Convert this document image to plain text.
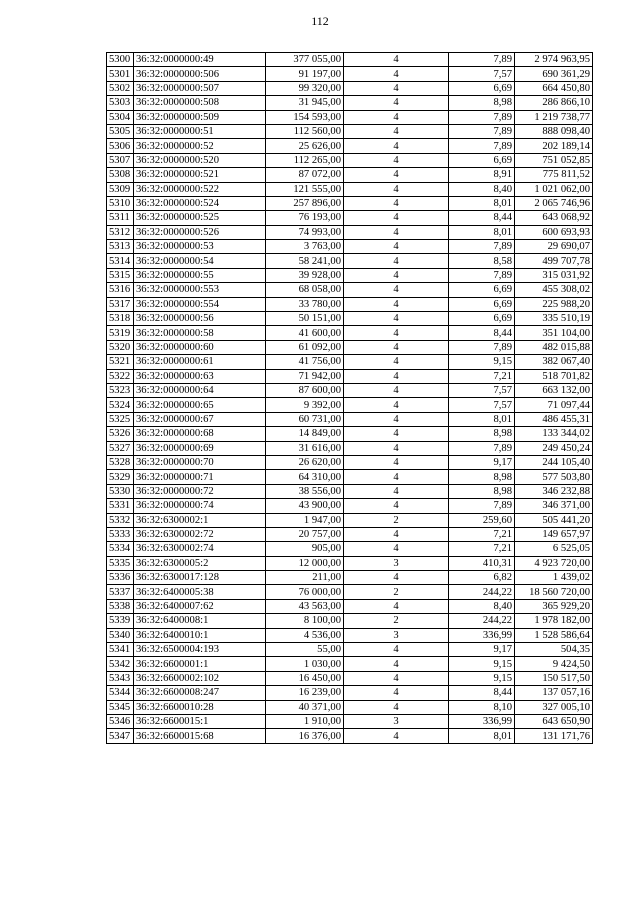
112
5300	36:32:0000000:49	377 055,00	4	7,89	2 974 963,95
5301	36:32:0000000:506	91 197,00	4	7,57	690 361,29
5302	36:32:0000000:507	99 320,00	4	6,69	664 450,80
5303	36:32:0000000:508	31 945,00	4	8,98	286 866,10
5304	36:32:0000000:509	154 593,00	4	7,89	1 219 738,77
5305	36:32:0000000:51	112 560,00	4	7,89	888 098,40
5306	36:32:0000000:52	25 626,00	4	7,89	202 189,14
5307	36:32:0000000:520	112 265,00	4	6,69	751 052,85
5308	36:32:0000000:521	87 072,00	4	8,91	775 811,52
5309	36:32:0000000:522	121 555,00	4	8,40	1 021 062,00
5310	36:32:0000000:524	257 896,00	4	8,01	2 065 746,96
5311	36:32:0000000:525	76 193,00	4	8,44	643 068,92
5312	36:32:0000000:526	74 993,00	4	8,01	600 693,93
5313	36:32:0000000:53	3 763,00	4	7,89	29 690,07
5314	36:32:0000000:54	58 241,00	4	8,58	499 707,78
5315	36:32:0000000:55	39 928,00	4	7,89	315 031,92
5316	36:32:0000000:553	68 058,00	4	6,69	455 308,02
5317	36:32:0000000:554	33 780,00	4	6,69	225 988,20
5318	36:32:0000000:56	50 151,00	4	6,69	335 510,19
5319	36:32:0000000:58	41 600,00	4	8,44	351 104,00
5320	36:32:0000000:60	61 092,00	4	7,89	482 015,88
5321	36:32:0000000:61	41 756,00	4	9,15	382 067,40
5322	36:32:0000000:63	71 942,00	4	7,21	518 701,82
5323	36:32:0000000:64	87 600,00	4	7,57	663 132,00
5324	36:32:0000000:65	9 392,00	4	7,57	71 097,44
5325	36:32:0000000:67	60 731,00	4	8,01	486 455,31
5326	36:32:0000000:68	14 849,00	4	8,98	133 344,02
5327	36:32:0000000:69	31 616,00	4	7,89	249 450,24
5328	36:32:0000000:70	26 620,00	4	9,17	244 105,40
5329	36:32:0000000:71	64 310,00	4	8,98	577 503,80
5330	36:32:0000000:72	38 556,00	4	8,98	346 232,88
5331	36:32:0000000:74	43 900,00	4	7,89	346 371,00
5332	36:32:6300002:1	1 947,00	2	259,60	505 441,20
5333	36:32:6300002:72	20 757,00	4	7,21	149 657,97
5334	36:32:6300002:74	905,00	4	7,21	6 525,05
5335	36:32:6300005:2	12 000,00	3	410,31	4 923 720,00
5336	36:32:6300017:128	211,00	4	6,82	1 439,02
5337	36:32:6400005:38	76 000,00	2	244,22	18 560 720,00
5338	36:32:6400007:62	43 563,00	4	8,40	365 929,20
5339	36:32:6400008:1	8 100,00	2	244,22	1 978 182,00
5340	36:32:6400010:1	4 536,00	3	336,99	1 528 586,64
5341	36:32:6500004:193	55,00	4	9,17	504,35
5342	36:32:6600001:1	1 030,00	4	9,15	9 424,50
5343	36:32:6600002:102	16 450,00	4	9,15	150 517,50
5344	36:32:6600008:247	16 239,00	4	8,44	137 057,16
5345	36:32:6600010:28	40 371,00	4	8,10	327 005,10
5346	36:32:6600015:1	1 910,00	3	336,99	643 650,90
5347	36:32:6600015:68	16 376,00	4	8,01	131 171,76
